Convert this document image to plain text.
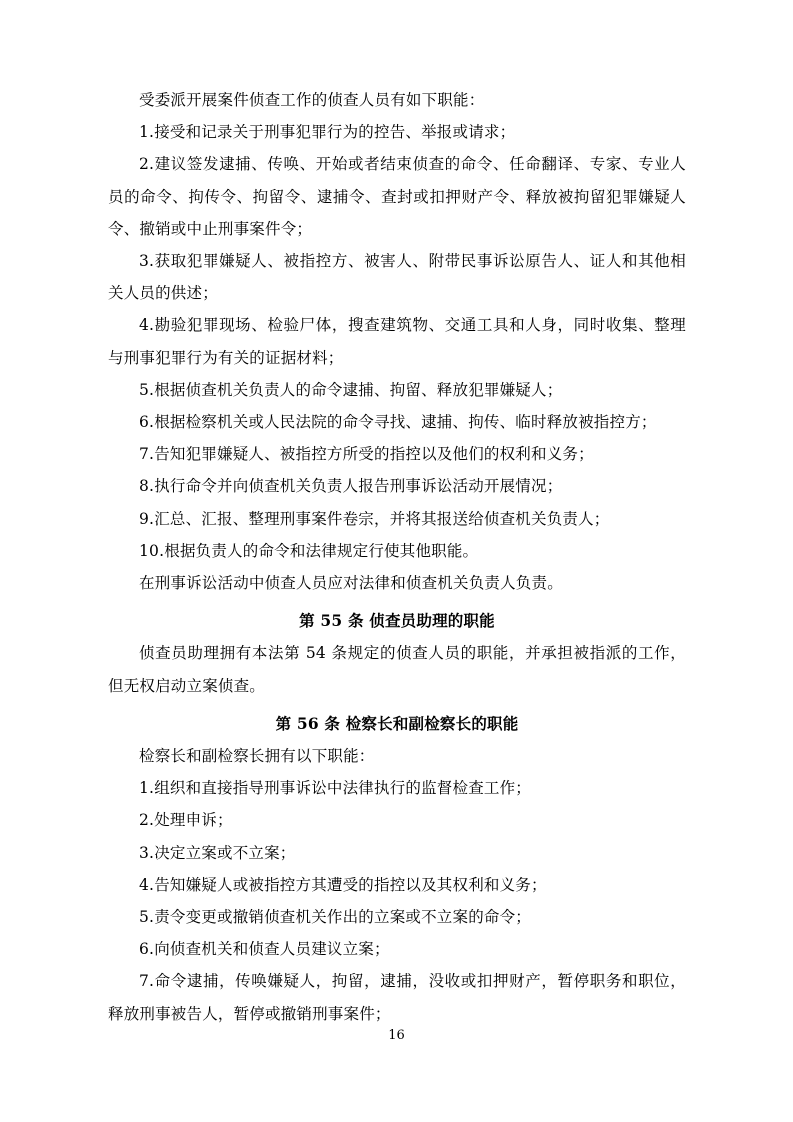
受委派开展案件侦查工作的侦查人员有如下职能：

1.接受和记录关于刑事犯罪行为的控告、举报或请求；

2.建议签发逮捕、传唤、开始或者结束侦查的命令、任命翻译、专家、专业人员的命令、拘传令、拘留令、逮捕令、查封或扣押财产令、释放被拘留犯罪嫌疑人令、撤销或中止刑事案件令；

3.获取犯罪嫌疑人、被指控方、被害人、附带民事诉讼原告人、证人和其他相关人员的供述；

4.勘验犯罪现场、检验尸体，搜查建筑物、交通工具和人身，同时收集、整理与刑事犯罪行为有关的证据材料；

5.根据侦查机关负责人的命令逮捕、拘留、释放犯罪嫌疑人；

6.根据检察机关或人民法院的命令寻找、逮捕、拘传、临时释放被指控方；

7.告知犯罪嫌疑人、被指控方所受的指控以及他们的权利和义务；

8.执行命令并向侦查机关负责人报告刑事诉讼活动开展情况；

9.汇总、汇报、整理刑事案件卷宗，并将其报送给侦查机关负责人；

10.根据负责人的命令和法律规定行使其他职能。

在刑事诉讼活动中侦查人员应对法律和侦查机关负责人负责。

第 55 条 侦查员助理的职能

侦查员助理拥有本法第 54 条规定的侦查人员的职能，并承担被指派的工作，但无权启动立案侦查。

第 56 条 检察长和副检察长的职能

检察长和副检察长拥有以下职能：

1.组织和直接指导刑事诉讼中法律执行的监督检查工作；

2.处理申诉；

3.决定立案或不立案；

4.告知嫌疑人或被指控方其遭受的指控以及其权利和义务；

5.责令变更或撤销侦查机关作出的立案或不立案的命令；

6.向侦查机关和侦查人员建议立案；

7.命令逮捕，传唤嫌疑人，拘留，逮捕，没收或扣押财产，暂停职务和职位，释放刑事被告人，暂停或撤销刑事案件；

16
